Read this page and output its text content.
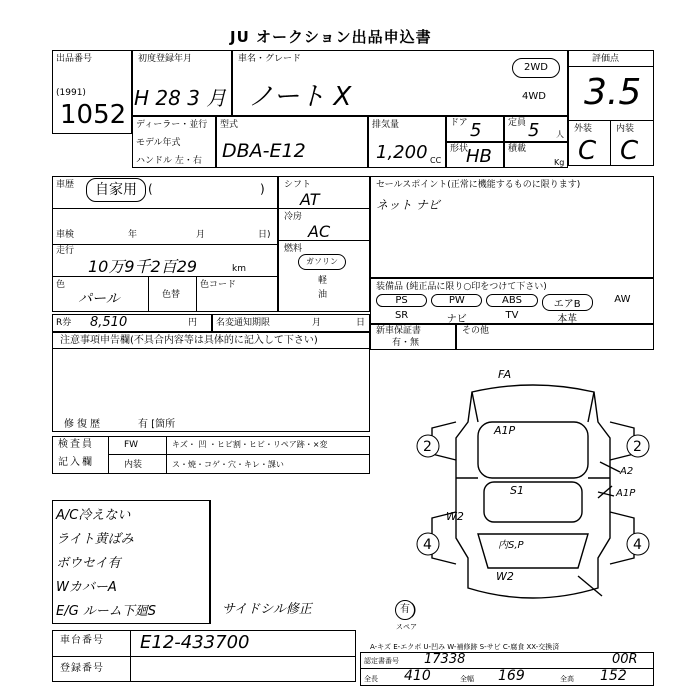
JU オークション出品申込書
出品番号
(1991)
1052
初度登録年月
H 28 3 月
車名・グレード
ノート X
2WD
4WD
評価点
3.5
外装	内装
C C
ディーラー・並行
モデル年式
ハンドル 左・右
型式
DBA-E12
排気量
1,200 CC
ドア 5	定員 5 人
形状
HB 積載
Kg
車歴	自家用 (	)
車検	年	月	日)
走行
10万9千2百29	km
色
パール	色替
色コード
シフト
AT
冷房
AC
燃料
ガソリン
軽
油
セールスポイント(正常に機能するものに限ります)
ネット ナビ
装備品 (純正品に限り○印をつけて下さい)
PS	PW	ABS	エアB	AW
SR	ナビ	TV	本革
R券 8,510	円 名変通知期限	月	日
新車保証書
有・無
その他
注意事項申告欄(不具合内容等は具体的に記入して下さい)
修復歴	有 [箇所
検査員
記入欄
FW	キズ・ 凹 ・ヒビ割・ヒビ・リペア跡・×変
内装	ス・焼・コゲ・穴・キレ・課い
A/C冷えない
ライト黄ばみ
ボウセイ有
WカバーA
E/G ルーム下廻S	サイドシル修正
2	2
4	4
FA
A1P
S1
内S,P
W2
W2
A2
A1P
有
スペア
車台番号 E12-433700
登録番号
A-キズ E-エクボ U-凹み W-補修跡 S-サビ C-腐食 XX-交換済
認定書番号 17338	00R
全長 410	全幅 169	全高 152
